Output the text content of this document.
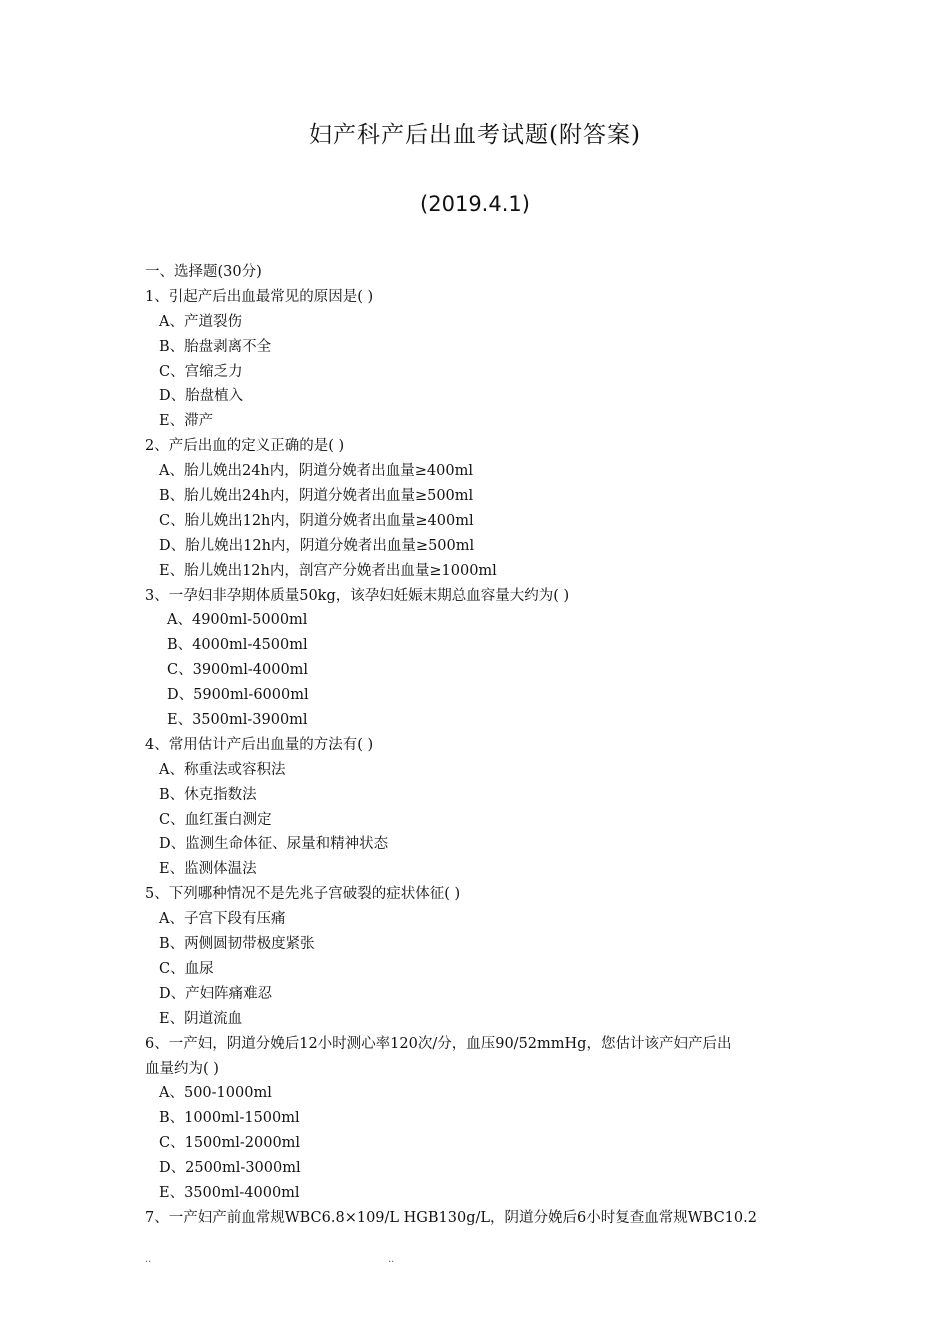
妇产科产后出血考试题(附答案)
(2019.4.1)
一、选择题(30分)
1、引起产后出血最常见的原因是( )
A、产道裂伤
B、胎盘剥离不全
C、宫缩乏力
D、胎盘植入
E、滞产
2、产后出血的定义正确的是( )
A、胎儿娩出24h内，阴道分娩者出血量≥400ml
B、胎儿娩出24h内，阴道分娩者出血量≥500ml
C、胎儿娩出12h内，阴道分娩者出血量≥400ml
D、胎儿娩出12h内，阴道分娩者出血量≥500ml
E、胎儿娩出12h内，剖宫产分娩者出血量≥1000ml
3、一孕妇非孕期体质量50kg，该孕妇妊娠末期总血容量大约为( )
A、4900ml-5000ml
B、4000ml-4500ml
C、3900ml-4000ml
D、5900ml-6000ml
E、3500ml-3900ml
4、常用估计产后出血量的方法有( )
A、称重法或容积法
B、休克指数法
C、血红蛋白测定
D、监测生命体征、尿量和精神状态
E、监测体温法
5、下列哪种情况不是先兆子宫破裂的症状体征( )
A、子宫下段有压痛
B、两侧圆韧带极度紧张
C、血尿
D、产妇阵痛难忍
E、阴道流血
6、一产妇，阴道分娩后12小时测心率120次/分，血压90/52mmHg，您估计该产妇产后出
血量约为( )
A、500-1000ml
B、1000ml-1500ml
C、1500ml-2000ml
D、2500ml-3000ml
E、3500ml-4000ml
7、一产妇产前血常规WBC6.8×109/L HGB130g/L，阴道分娩后6小时复查血常规WBC10.2
..	..
